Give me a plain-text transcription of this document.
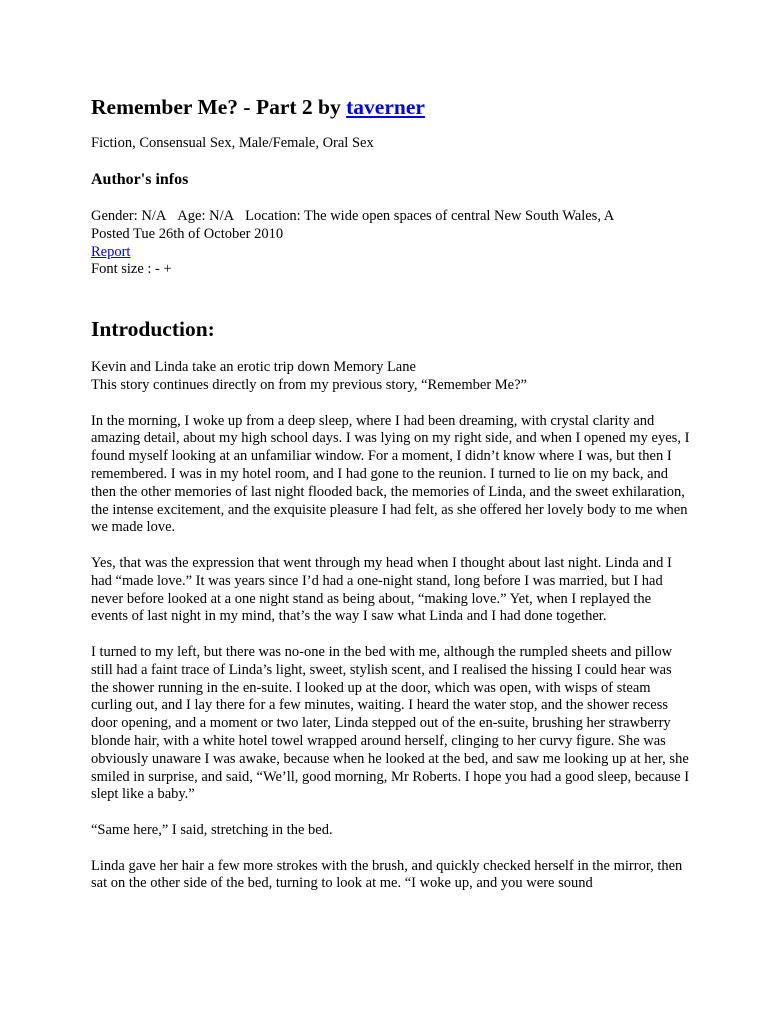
Remember Me? - Part 2 by taverner

Fiction, Consensual Sex, Male/Female, Oral Sex

Author's infos
Gender: N/A Age: N/A Location: The wide open spaces of central New South Wales, A
Posted Tue 26th of October 2010
Report
Font size : - +
Introduction:
Kevin and Linda take an erotic trip down Memory Lane
This story continues directly on from my previous story, “Remember Me?”

In the morning, I woke up from a deep sleep, where I had been dreaming, with crystal clarity and amazing detail, about my high school days. I was lying on my right side, and when I opened my eyes, I found myself looking at an unfamiliar window. For a moment, I didn’t know where I was, but then I remembered. I was in my hotel room, and I had gone to the reunion. I turned to lie on my back, and then the other memories of last night flooded back, the memories of Linda, and the sweet exhilaration, the intense excitement, and the exquisite pleasure I had felt, as she offered her lovely body to me when we made love.

Yes, that was the expression that went through my head when I thought about last night. Linda and I had “made love.” It was years since I’d had a one-night stand, long before I was married, but I had never before looked at a one night stand as being about, “making love.” Yet, when I replayed the events of last night in my mind, that’s the way I saw what Linda and I had done together.

I turned to my left, but there was no-one in the bed with me, although the rumpled sheets and pillow still had a faint trace of Linda’s light, sweet, stylish scent, and I realised the hissing I could hear was the shower running in the en-suite. I looked up at the door, which was open, with wisps of steam curling out, and I lay there for a few minutes, waiting. I heard the water stop, and the shower recess door opening, and a moment or two later, Linda stepped out of the en-suite, brushing her strawberry blonde hair, with a white hotel towel wrapped around herself, clinging to her curvy figure. She was obviously unaware I was awake, because when he looked at the bed, and saw me looking up at her, she smiled in surprise, and said, “We’ll, good morning, Mr Roberts. I hope you had a good sleep, because I slept like a baby.”

“Same here,” I said, stretching in the bed.

Linda gave her hair a few more strokes with the brush, and quickly checked herself in the mirror, then sat on the other side of the bed, turning to look at me. “I woke up, and you were sound
